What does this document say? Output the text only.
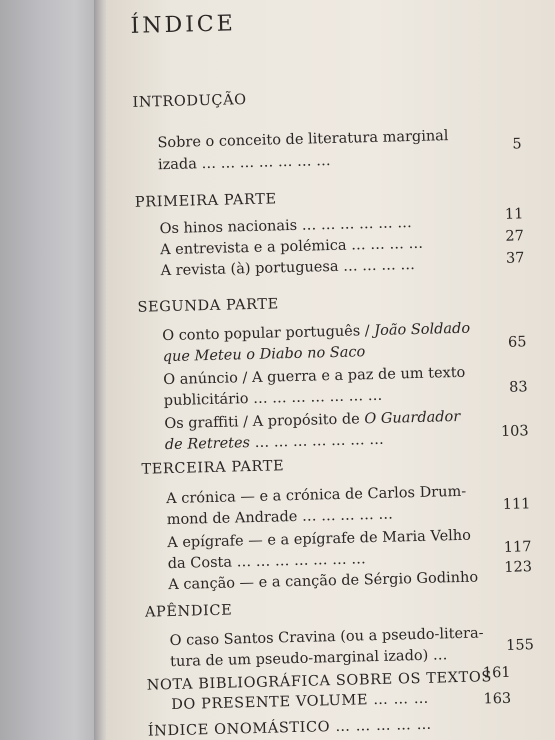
ÍNDICE
INTRODUÇÃO
Sobre o conceito de literatura marginal
izada … … … … … … …
5
PRIMEIRA PARTE
Os hinos nacionais … … … … … …
11
A entrevista e a polémica … … … …	27
A revista (à) portuguesa … … … …	37
SEGUNDA PARTE
O conto popular português / João Soldado
que Meteu o Diabo no Saco
65
O anúncio / A guerra e a paz de um texto
publicitário … … … … … … …
83
Os graffiti / A propósito de O Guardador
de Retretes … … … … … … …
103
TERCEIRA PARTE
A crónica — e a crónica de Carlos Drum-
mond de Andrade … … … … …
111
A epígrafe — e a epígrafe de Maria Velho
da Costa … … … … … … …
117
A canção — e a canção de Sérgio Godinho
123
APÊNDICE
O caso Santos Cravina (ou a pseudo-litera-
tura de um pseudo-marginal izado) …
155
NOTA BIBLIOGRÁFICA SOBRE OS TEXTOS
DO PRESENTE VOLUME … … …
161
ÍNDICE ONOMÁSTICO … … … … …
163
